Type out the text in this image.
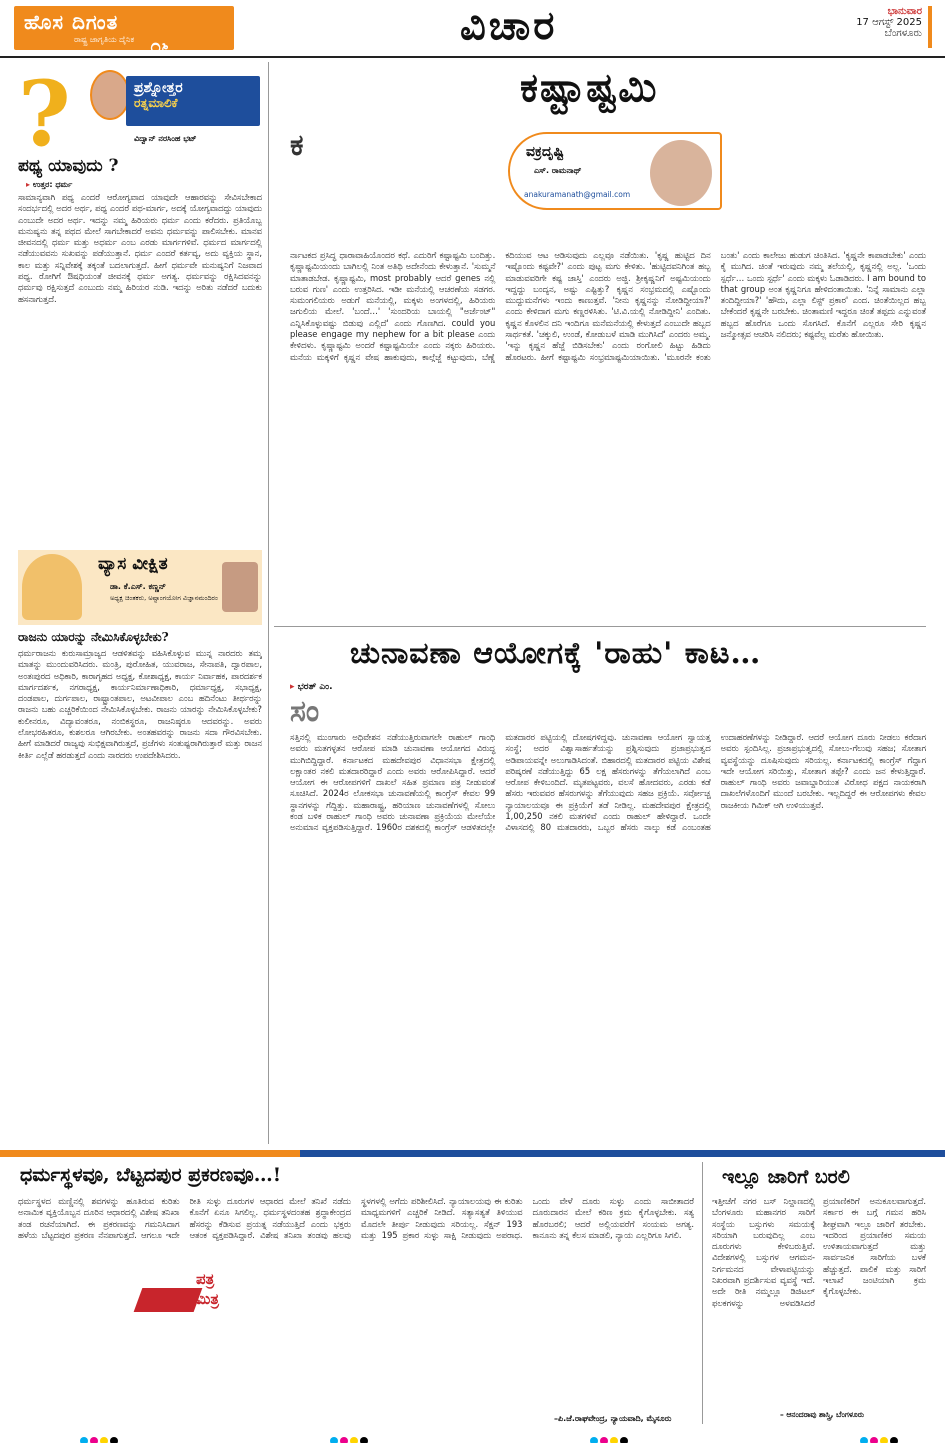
ಹೊಸ ದಿಗಂತ
ರಾಷ್ಟ್ರ ಜಾಗೃತಿಯ ದೈನಿಕ ೦೬	ವಿಚಾರ	ಭಾನುವಾರ
17 ಆಗಸ್ಟ್ 2025
ಬೆಂಗಳೂರು
?	ಪ್ರಶ್ನೋತ್ತರ
ರತ್ನಮಾಲಿಕೆ
ವಿದ್ವಾನ್ ನರಸಿಂಹ ಭಟ್
ಪಥ್ಯ ಯಾವುದು ?
▸ ಉತ್ತರ: ಧರ್ಮ
ಸಾಮಾನ್ಯವಾಗಿ ಪಥ್ಯ ಎಂದರೆ ಆರೋಗ್ಯವಾದ ಯಾವುದೇ ಆಹಾರವನ್ನು ಸೇವಿಸಬೇಕಾದ ಸಂದರ್ಭದಲ್ಲಿ ಅದರ ಅರ್ಥ, ಪಥ್ಯ ಎಂದರೆ ಪಥ-ಮಾರ್ಗ, ಅದಕ್ಕೆ ಯೋಗ್ಯವಾದದ್ದು ಯಾವುದು ಎಂಬುದೇ ಅದರ ಅರ್ಥ. ಇದನ್ನು ನಮ್ಮ ಹಿರಿಯರು ಧರ್ಮ ಎಂದು ಕರೆದರು. ಪ್ರತಿಯೊಬ್ಬ ಮನುಷ್ಯನು ತನ್ನ ಪಥದ ಮೇಲೆ ಸಾಗಬೇಕಾದರೆ ಅವನು ಧರ್ಮವನ್ನು ಪಾಲಿಸಬೇಕು. ಮಾನವ ಜೀವನದಲ್ಲಿ ಧರ್ಮ ಮತ್ತು ಅಧರ್ಮ ಎಂಬ ಎರಡು ಮಾರ್ಗಗಳಿವೆ. ಧರ್ಮದ ಮಾರ್ಗದಲ್ಲಿ ನಡೆಯುವವನು ಸುಖವನ್ನು ಪಡೆಯುತ್ತಾನೆ. ಧರ್ಮ ಎಂದರೆ ಕರ್ತವ್ಯ, ಅದು ವ್ಯಕ್ತಿಯ ಸ್ಥಾನ, ಕಾಲ ಮತ್ತು ಸನ್ನಿವೇಶಕ್ಕೆ ತಕ್ಕಂತೆ ಬದಲಾಗುತ್ತದೆ. ಹೀಗೆ ಧರ್ಮವೇ ಮನುಷ್ಯನಿಗೆ ನಿಜವಾದ ಪಥ್ಯ. ರೋಗಿಗೆ ಔಷಧಿಯಂತೆ ಜೀವನಕ್ಕೆ ಧರ್ಮ ಅಗತ್ಯ. ಧರ್ಮವನ್ನು ರಕ್ಷಿಸಿದವನನ್ನು ಧರ್ಮವು ರಕ್ಷಿಸುತ್ತದೆ ಎಂಬುದು ನಮ್ಮ ಹಿರಿಯರ ನುಡಿ. ಇದನ್ನು ಅರಿತು ನಡೆದರೆ ಬದುಕು ಹಸನಾಗುತ್ತದೆ.
ವ್ಯಾಸ ವೀಕ್ಷಿತ
ಡಾ. ಕೆ.ಎಸ್. ಕಣ್ಣನ್
ಅಧ್ಯಕ್ಷ ಚಿಂತಕರು, ಅಷ್ಟಾಂಗಯೋಗ ವಿಜ್ಞಾನಮಂದಿರಂ
ರಾಜನು ಯಾರನ್ನು ನೇಮಿಸಿಕೊಳ್ಳಬೇಕು?
ಧರ್ಮರಾಜನು ಕುರುಸಾಮ್ರಾಜ್ಯದ ಆಡಳಿತವನ್ನು ವಹಿಸಿಕೊಳ್ಳುವ ಮುನ್ನ ನಾರದರು ತಮ್ಮ ಮಾತನ್ನು ಮುಂದುವರಿಸಿದರು. ಮಂತ್ರಿ, ಪುರೋಹಿತ, ಯುವರಾಜ, ಸೇನಾಪತಿ, ದ್ವಾರಪಾಲ, ಅಂತಃಪುರದ ಅಧಿಕಾರಿ, ಕಾರಾಗೃಹದ ಅಧ್ಯಕ್ಷ, ಕೋಶಾಧ್ಯಕ್ಷ, ಕಾರ್ಯ ನಿರ್ವಾಹಕ, ಪಾರದರ್ಶಕ ಮಾರ್ಗದರ್ಶಕ, ನಗರಾಧ್ಯಕ್ಷ, ಕಾರ್ಯನಿರ್ಮಾಣಾಧಿಕಾರಿ, ಧರ್ಮಾಧ್ಯಕ್ಷ, ಸಭಾಧ್ಯಕ್ಷ, ದಂಡಪಾಲ, ದುರ್ಗಪಾಲ, ರಾಷ್ಟ್ರಾಂತಪಾಲ, ಅಟವೀಪಾಲ ಎಂಬ ಹದಿನೆಂಟು ತೀರ್ಥರನ್ನು ರಾಜನು ಬಹು ಎಚ್ಚರಿಕೆಯಿಂದ ನೇಮಿಸಿಕೊಳ್ಳಬೇಕು. ರಾಜನು ಯಾರನ್ನು ನೇಮಿಸಿಕೊಳ್ಳಬೇಕು? ಕುಲೀನರೂ, ವಿದ್ಯಾವಂತರೂ, ನಂಬಿಕಸ್ಥರೂ, ರಾಜನಿಷ್ಠರೂ ಆದವರನ್ನು. ಅವರು ಲೋಭರಹಿತರೂ, ಕುಶಲರೂ ಆಗಿರಬೇಕು. ಅಂತಹವರನ್ನು ರಾಜನು ಸದಾ ಗೌರವಿಸಬೇಕು. ಹೀಗೆ ಮಾಡಿದರೆ ರಾಜ್ಯವು ಸುಭಿಕ್ಷವಾಗಿರುತ್ತದೆ, ಪ್ರಜೆಗಳು ಸಂತುಷ್ಟರಾಗಿರುತ್ತಾರೆ ಮತ್ತು ರಾಜನ ಕೀರ್ತಿ ಎಲ್ಲೆಡೆ ಹರಡುತ್ತದೆ ಎಂದು ನಾರದರು ಉಪದೇಶಿಸಿದರು.
ಕಷ್ಟಾಷ್ಟಮಿ
ವಕ್ರದೃಷ್ಟಿ
ಎಸ್. ರಾಮನಾಥ್
anakuramanath@gmail.com
ಕ
ರ್ನಾಟಕದ ಪ್ರಸಿದ್ಧ ಧಾರಾವಾಹಿಯೊಂದರ ಕಥೆ. ಎದುರಿಗೆ ಕಷ್ಟಾಷ್ಟಮಿ ಬಂದಿತ್ತು. ಕೃಷ್ಣಾಷ್ಟಮಿಯಂದು ಬಾಗಿಲಲ್ಲಿ ನಿಂತ ಅತಿಥಿ ಅದೇನೆಂದು ಕೇಳುತ್ತಾನೆ. 'ಸುಮ್ಮನೆ ಮಾತಾಡಬೇಡ. ಕೃಷ್ಣಾಷ್ಟಮಿ, most probably ಆದರೆ genes ನಲ್ಲಿ ಬರುವ ಗುಣ' ಎಂದು ಉತ್ತರಿಸಿದ. ಇಡೀ ಮನೆಯಲ್ಲಿ ಆಚರಣೆಯ ಸಡಗರ. ಸುಮಂಗಲಿಯರು ಅಡುಗೆ ಮನೆಯಲ್ಲಿ, ಮಕ್ಕಳು ಅಂಗಳದಲ್ಲಿ, ಹಿರಿಯರು ಜಗುಲಿಯ ಮೇಲೆ. 'ಬಂದೆ…' 'ಸುಂದರಿಯ ಬಾಯಲ್ಲಿ "ಅರ್ಜೆಂಟ್" ಎನ್ನಿಸಿಕೊಳ್ಳುವಷ್ಟು ಬಿಡುವು ಎಲ್ಲಿದೆ' ಎಂದು ಗೊಣಗಿದ. could you please engage my nephew for a bit please ಎಂದು ಕೇಳಿದಳು. ಕೃಷ್ಣಾಷ್ಟಮಿ ಅಂದರೆ ಕಷ್ಟಾಷ್ಟಮಿಯೇ ಎಂದು ನಕ್ಕರು ಹಿರಿಯರು. ಮನೆಯ ಮಕ್ಕಳಿಗೆ ಕೃಷ್ಣನ ವೇಷ ಹಾಕುವುದು, ಕಾಲ್ಗೆಜ್ಜೆ ಕಟ್ಟುವುದು, ಬೆಣ್ಣೆ ಕದಿಯುವ ಆಟ ಆಡಿಸುವುದು ಎಲ್ಲವೂ ನಡೆಯಿತು. 'ಕೃಷ್ಣ ಹುಟ್ಟಿದ ದಿನ ಇಷ್ಟೊಂದು ಕಷ್ಟವೇ?' ಎಂದು ಪುಟ್ಟ ಮಗು ಕೇಳಿತು. 'ಹುಟ್ಟಿದವನಿಗಿಂತ ಹಬ್ಬ ಮಾಡುವವರಿಗೇ ಕಷ್ಟ ಜಾಸ್ತಿ' ಎಂದರು ಅಜ್ಜಿ. ಶ್ರೀಕೃಷ್ಣನಿಗೆ ಅಷ್ಟಮಿಯಂದು ಇದ್ದದ್ದು ಬಂದ್ಯನ, ಅಷ್ಟು ಎಷ್ಟಿತ್ತು? ಕೃಷ್ಣನ ಸಂಭ್ರಮದಲ್ಲಿ ಎಷ್ಟೊಂದು ಮುದ್ದುಮನೆಗಳು ಇಂದು ಕಾಣುತ್ತವೆ. 'ನೀನು ಕೃಷ್ಣನನ್ನು ನೋಡಿದ್ದೀಯಾ?' ಎಂದು ಕೇಳಿದಾಗ ಮಗು ಕಣ್ಣರಳಿಸಿತು. 'ಟಿ.ವಿ.ಯಲ್ಲಿ ನೋಡಿದ್ದೀನಿ' ಎಂದಿತು. ಕೃಷ್ಣನ ಕೊಳಲಿನ ದನಿ ಇಂದಿಗೂ ಮನೆಮನೆಯಲ್ಲಿ ಕೇಳುತ್ತದೆ ಎಂಬುದೇ ಹಬ್ಬದ ಸಾರ್ಥಕತೆ. 'ಚಕ್ಕುಲಿ, ಉಂಡೆ, ಕೋಡುಬಳೆ ಮಾಡಿ ಮುಗಿಸಿದೆ' ಎಂದರು ಅಮ್ಮ. 'ಇನ್ನು ಕೃಷ್ಣನ ಹೆಜ್ಜೆ ಬಿಡಿಸಬೇಕು' ಎಂದು ರಂಗೋಲಿ ಹಿಟ್ಟು ಹಿಡಿದು ಹೊರಟರು. ಹೀಗೆ ಕಷ್ಟಾಷ್ಟಮಿ ಸಂಭ್ರಮಾಷ್ಟಮಿಯಾಯಿತು. 'ಮೂರನೇ ಕಂತು ಬಂತು' ಎಂದು ಕಾಲೇಜು ಹುಡುಗ ಚಿಂತಿಸಿದ. 'ಕೃಷ್ಣನೇ ಕಾಪಾಡಬೇಕು' ಎಂದು ಕೈ ಮುಗಿದ. ಚಿಂತೆ ಇರುವುದು ನಮ್ಮ ತಲೆಯಲ್ಲಿ, ಕೃಷ್ಣನಲ್ಲಿ ಅಲ್ಲ. 'ಒಂದು ಸ್ಪರ್ಧೆ… ಒಂದು ಸ್ಪರ್ಧೆ' ಎಂದು ಮಕ್ಕಳು ಓಡಾಡಿದರು. I am bound to that group ಅಂತ ಕೃಷ್ಣನಿಗೂ ಹೇಳಿದಂತಾಯಿತು. 'ನಿನ್ನೆ ಸಾಮಾನು ಎಲ್ಲಾ ತಂದಿದ್ದೀಯಾ?' 'ಹೌದು, ಎಲ್ಲಾ ಲಿಸ್ಟ್ ಪ್ರಕಾರ' ಎಂದ. ಚಿಂತೆಯಿಲ್ಲದ ಹಬ್ಬ ಬೇಕೆಂದರೆ ಕೃಷ್ಣನೇ ಬರಬೇಕು. ಚಿಂತಾಮಣಿ ಇದ್ದರೂ ಚಿಂತೆ ತಪ್ಪದು ಎನ್ನುವಂತೆ ಹಬ್ಬದ ಹೊರೆಗೂ ಒಂದು ಸೊಗಸಿದೆ. ಕೊನೆಗೆ ಎಲ್ಲರೂ ಸೇರಿ ಕೃಷ್ಣನ ಜನ್ಮೋತ್ಸವ ಆಚರಿಸಿ ನಲಿದರು; ಕಷ್ಟವೆಲ್ಲ ಮರೆತು ಹೋಯಿತು.
ಚುನಾವಣಾ ಆಯೋಗಕ್ಕೆ 'ರಾಹು' ಕಾಟ…
▸ ಭರತ್ ಎಂ.
ಸಂ
ಸತ್ತಿನಲ್ಲಿ ಮುಂಗಾರು ಅಧಿವೇಶನ ನಡೆಯುತ್ತಿರುವಾಗಲೇ ರಾಹುಲ್ ಗಾಂಧಿ ಅವರು ಮತಗಳ್ಳತನ ಆರೋಪ ಮಾಡಿ ಚುನಾವಣಾ ಆಯೋಗದ ವಿರುದ್ಧ ಮುಗಿಬಿದ್ದಿದ್ದಾರೆ. ಕರ್ನಾಟಕದ ಮಹದೇವಪುರ ವಿಧಾನಸಭಾ ಕ್ಷೇತ್ರದಲ್ಲಿ ಲಕ್ಷಾಂತರ ನಕಲಿ ಮತದಾರರಿದ್ದಾರೆ ಎಂದು ಅವರು ಆರೋಪಿಸಿದ್ದಾರೆ. ಆದರೆ ಆಯೋಗ ಈ ಆರೋಪಗಳಿಗೆ ದಾಖಲೆ ಸಹಿತ ಪ್ರಮಾಣ ಪತ್ರ ನೀಡುವಂತೆ ಸೂಚಿಸಿದೆ. 2024ರ ಲೋಕಸಭಾ ಚುನಾವಣೆಯಲ್ಲಿ ಕಾಂಗ್ರೆಸ್ ಕೇವಲ 99 ಸ್ಥಾನಗಳನ್ನು ಗೆದ್ದಿತ್ತು. ಮಹಾರಾಷ್ಟ್ರ, ಹರಿಯಾಣ ಚುನಾವಣೆಗಳಲ್ಲಿ ಸೋಲು ಕಂಡ ಬಳಿಕ ರಾಹುಲ್ ಗಾಂಧಿ ಅವರು ಚುನಾವಣಾ ಪ್ರಕ್ರಿಯೆಯ ಮೇಲೆಯೇ ಅನುಮಾನ ವ್ಯಕ್ತಪಡಿಸುತ್ತಿದ್ದಾರೆ. 1960ರ ದಶಕದಲ್ಲಿ ಕಾಂಗ್ರೆಸ್ ಆಡಳಿತದಲ್ಲೇ ಮತದಾರರ ಪಟ್ಟಿಯಲ್ಲಿ ದೋಷಗಳಿದ್ದವು. ಚುನಾವಣಾ ಆಯೋಗ ಸ್ವಾಯತ್ತ ಸಂಸ್ಥೆ; ಅದರ ವಿಶ್ವಾಸಾರ್ಹತೆಯನ್ನು ಪ್ರಶ್ನಿಸುವುದು ಪ್ರಜಾಪ್ರಭುತ್ವದ ಅಡಿಪಾಯವನ್ನೇ ಅಲುಗಾಡಿಸಿದಂತೆ. ಬಿಹಾರದಲ್ಲಿ ಮತದಾರರ ಪಟ್ಟಿಯ ವಿಶೇಷ ಪರಿಷ್ಕರಣೆ ನಡೆಯುತ್ತಿದ್ದು 65 ಲಕ್ಷ ಹೆಸರುಗಳನ್ನು ತೆಗೆಯಲಾಗಿದೆ ಎಂಬ ಆರೋಪ ಕೇಳಿಬಂದಿದೆ. ಮೃತಪಟ್ಟವರು, ವಲಸೆ ಹೋದವರು, ಎರಡು ಕಡೆ ಹೆಸರು ಇರುವವರ ಹೆಸರುಗಳನ್ನು ತೆಗೆಯುವುದು ಸಹಜ ಪ್ರಕ್ರಿಯೆ. ಸರ್ವೋಚ್ಚ ನ್ಯಾಯಾಲಯವೂ ಈ ಪ್ರಕ್ರಿಯೆಗೆ ತಡೆ ನೀಡಿಲ್ಲ. ಮಹದೇವಪುರ ಕ್ಷೇತ್ರದಲ್ಲಿ 1,00,250 ನಕಲಿ ಮತಗಳಿವೆ ಎಂದು ರಾಹುಲ್ ಹೇಳಿದ್ದಾರೆ. ಒಂದೇ ವಿಳಾಸದಲ್ಲಿ 80 ಮತದಾರರು, ಒಬ್ಬರ ಹೆಸರು ನಾಲ್ಕು ಕಡೆ ಎಂಬಂತಹ ಉದಾಹರಣೆಗಳನ್ನು ನೀಡಿದ್ದಾರೆ. ಆದರೆ ಆಯೋಗ ದೂರು ನೀಡಲು ಕರೆದಾಗ ಅವರು ಸ್ಪಂದಿಸಿಲ್ಲ. ಪ್ರಜಾಪ್ರಭುತ್ವದಲ್ಲಿ ಸೋಲು-ಗೆಲುವು ಸಹಜ; ಸೋತಾಗ ವ್ಯವಸ್ಥೆಯನ್ನು ದೂಷಿಸುವುದು ಸರಿಯಲ್ಲ. ಕರ್ನಾಟಕದಲ್ಲಿ ಕಾಂಗ್ರೆಸ್ ಗೆದ್ದಾಗ ಇದೇ ಆಯೋಗ ಸರಿಯಿತ್ತು, ಸೋತಾಗ ತಪ್ಪೇ? ಎಂದು ಜನ ಕೇಳುತ್ತಿದ್ದಾರೆ. ರಾಹುಲ್ ಗಾಂಧಿ ಅವರು ಜವಾಬ್ದಾರಿಯುತ ವಿರೋಧ ಪಕ್ಷದ ನಾಯಕರಾಗಿ ದಾಖಲೆಗಳೊಂದಿಗೆ ಮುಂದೆ ಬರಬೇಕು. ಇಲ್ಲದಿದ್ದರೆ ಈ ಆರೋಪಗಳು ಕೇವಲ ರಾಜಕೀಯ ಗಿಮಿಕ್ ಆಗಿ ಉಳಿಯುತ್ತವೆ.
ಧರ್ಮಸ್ಥಳವೂ, ಬೆಟ್ಟದಪುರ ಪ್ರಕರಣವೂ…!
ಪತ್ರ
ಮಿತ್ರ
ಧರ್ಮಸ್ಥಳದ ಮಣ್ಣಿನಲ್ಲಿ ಶವಗಳನ್ನು ಹೂತಿರುವ ಕುರಿತು ಅನಾಮಿಕ ವ್ಯಕ್ತಿಯೊಬ್ಬನ ದೂರಿನ ಆಧಾರದಲ್ಲಿ ವಿಶೇಷ ತನಿಖಾ ತಂಡ ರಚನೆಯಾಗಿದೆ. ಈ ಪ್ರಕರಣವನ್ನು ಗಮನಿಸಿದಾಗ ಹಳೆಯ ಬೆಟ್ಟದಪುರ ಪ್ರಕರಣ ನೆನಪಾಗುತ್ತದೆ. ಆಗಲೂ ಇದೇ ರೀತಿ ಸುಳ್ಳು ದೂರುಗಳ ಆಧಾರದ ಮೇಲೆ ತನಿಖೆ ನಡೆದು ಕೊನೆಗೆ ಏನೂ ಸಿಗಲಿಲ್ಲ. ಧರ್ಮಸ್ಥಳದಂತಹ ಶ್ರದ್ಧಾಕೇಂದ್ರದ ಹೆಸರನ್ನು ಕೆಡಿಸುವ ಪ್ರಯತ್ನ ನಡೆಯುತ್ತಿದೆ ಎಂದು ಭಕ್ತರು ಆತಂಕ ವ್ಯಕ್ತಪಡಿಸಿದ್ದಾರೆ. ವಿಶೇಷ ತನಿಖಾ ತಂಡವು ಹಲವು ಸ್ಥಳಗಳಲ್ಲಿ ಅಗೆದು ಪರಿಶೀಲಿಸಿದೆ. ನ್ಯಾಯಾಲಯವು ಈ ಕುರಿತು ಮಾಧ್ಯಮಗಳಿಗೆ ಎಚ್ಚರಿಕೆ ನೀಡಿದೆ. ಸತ್ಯಾಸತ್ಯತೆ ತಿಳಿಯುವ ಮೊದಲೇ ತೀರ್ಪು ನೀಡುವುದು ಸರಿಯಲ್ಲ. ಸೆಕ್ಷನ್ 193 ಮತ್ತು 195 ಪ್ರಕಾರ ಸುಳ್ಳು ಸಾಕ್ಷಿ ನೀಡುವುದು ಅಪರಾಧ. ಒಂದು ವೇಳೆ ದೂರು ಸುಳ್ಳು ಎಂದು ಸಾಬೀತಾದರೆ ದೂರುದಾರನ ಮೇಲೆ ಕಠಿಣ ಕ್ರಮ ಕೈಗೊಳ್ಳಬೇಕು. ಸತ್ಯ ಹೊರಬರಲಿ; ಆದರೆ ಅಲ್ಲಿಯವರೆಗೆ ಸಂಯಮ ಅಗತ್ಯ. ಕಾನೂನು ತನ್ನ ಕೆಲಸ ಮಾಡಲಿ, ನ್ಯಾಯ ಎಲ್ಲರಿಗೂ ಸಿಗಲಿ.
–ಪಿ.ಜೆ.ರಾಘವೇಂದ್ರ, ನ್ಯಾಯವಾದಿ, ಮೈಸೂರು
ಇಲ್ಲೂ ಜಾರಿಗೆ ಬರಲಿ
ಇತ್ತೀಚೆಗೆ ನಗರ ಬಸ್ ನಿಲ್ದಾಣದಲ್ಲಿ ಬೆಂಗಳೂರು ಮಹಾನಗರ ಸಾರಿಗೆ ಸಂಸ್ಥೆಯ ಬಸ್ಸುಗಳು ಸಮಯಕ್ಕೆ ಸರಿಯಾಗಿ ಬರುವುದಿಲ್ಲ ಎಂಬ ದೂರುಗಳು ಕೇಳಿಬರುತ್ತಿವೆ. ವಿದೇಶಗಳಲ್ಲಿ ಬಸ್ಸುಗಳ ಆಗಮನ-ನಿರ್ಗಮನದ ವೇಳಾಪಟ್ಟಿಯನ್ನು ನಿಖರವಾಗಿ ಪ್ರದರ್ಶಿಸುವ ವ್ಯವಸ್ಥೆ ಇದೆ. ಅದೇ ರೀತಿ ನಮ್ಮಲ್ಲೂ ಡಿಜಿಟಲ್ ಫಲಕಗಳನ್ನು ಅಳವಡಿಸಿದರೆ ಪ್ರಯಾಣಿಕರಿಗೆ ಅನುಕೂಲವಾಗುತ್ತದೆ. ಸರ್ಕಾರ ಈ ಬಗ್ಗೆ ಗಮನ ಹರಿಸಿ ಶೀಘ್ರವಾಗಿ ಇಲ್ಲೂ ಜಾರಿಗೆ ತರಬೇಕು. ಇದರಿಂದ ಪ್ರಯಾಣಿಕರ ಸಮಯ ಉಳಿತಾಯವಾಗುತ್ತದೆ ಮತ್ತು ಸಾರ್ವಜನಿಕ ಸಾರಿಗೆಯ ಬಳಕೆ ಹೆಚ್ಚುತ್ತದೆ. ಪಾಲಿಕೆ ಮತ್ತು ಸಾರಿಗೆ ಇಲಾಖೆ ಜಂಟಿಯಾಗಿ ಕ್ರಮ ಕೈಗೊಳ್ಳಬೇಕು.
– ಆನಂದರಾವು ಶಾಸ್ತ್ರಿ, ಬೆಂಗಳೂರು
